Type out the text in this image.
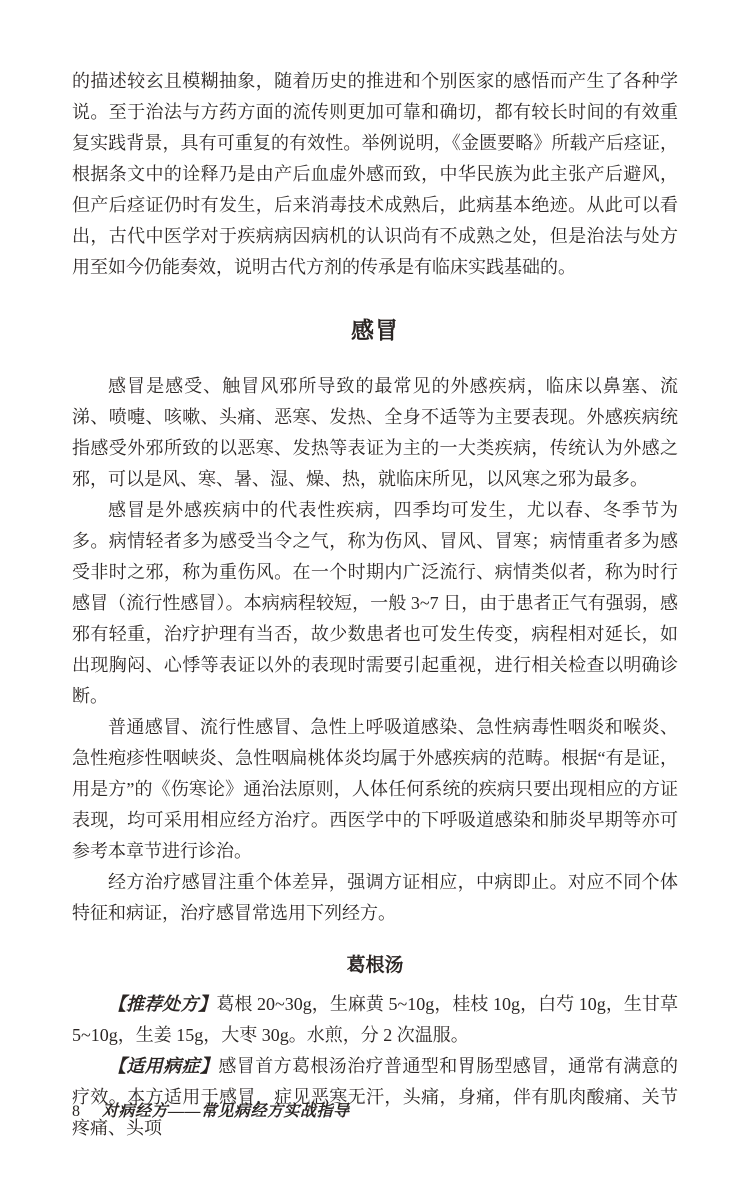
的描述较玄且模糊抽象，随着历史的推进和个别医家的感悟而产生了各种学说。至于治法与方药方面的流传则更加可靠和确切，都有较长时间的有效重复实践背景，具有可重复的有效性。举例说明，《金匮要略》所载产后痉证，根据条文中的诠释乃是由产后血虚外感而致，中华民族为此主张产后避风，但产后痉证仍时有发生，后来消毒技术成熟后，此病基本绝迹。从此可以看出，古代中医学对于疾病病因病机的认识尚有不成熟之处，但是治法与处方用至如今仍能奏效，说明古代方剂的传承是有临床实践基础的。

感冒

感冒是感受、触冒风邪所导致的最常见的外感疾病，临床以鼻塞、流涕、喷嚏、咳嗽、头痛、恶寒、发热、全身不适等为主要表现。外感疾病统指感受外邪所致的以恶寒、发热等表证为主的一大类疾病，传统认为外感之邪，可以是风、寒、暑、湿、燥、热，就临床所见，以风寒之邪为最多。

感冒是外感疾病中的代表性疾病，四季均可发生，尤以春、冬季节为多。病情轻者多为感受当令之气，称为伤风、冒风、冒寒；病情重者多为感受非时之邪，称为重伤风。在一个时期内广泛流行、病情类似者，称为时行感冒（流行性感冒）。本病病程较短，一般 3~7 日，由于患者正气有强弱，感邪有轻重，治疗护理有当否，故少数患者也可发生传变，病程相对延长，如出现胸闷、心悸等表证以外的表现时需要引起重视，进行相关检查以明确诊断。

普通感冒、流行性感冒、急性上呼吸道感染、急性病毒性咽炎和喉炎、急性疱疹性咽峡炎、急性咽扁桃体炎均属于外感疾病的范畴。根据“有是证，用是方”的《伤寒论》通治法原则，人体任何系统的疾病只要出现相应的方证表现，均可采用相应经方治疗。西医学中的下呼吸道感染和肺炎早期等亦可参考本章节进行诊治。

经方治疗感冒注重个体差异，强调方证相应，中病即止。对应不同个体特征和病证，治疗感冒常选用下列经方。

葛根汤

【推荐处方】葛根 20~30g，生麻黄 5~10g，桂枝 10g，白芍 10g，生甘草 5~10g，生姜 15g，大枣 30g。水煎，分 2 次温服。

【适用病症】感冒首方葛根汤治疗普通型和胃肠型感冒，通常有满意的疗效。本方适用于感冒，症见恶寒无汗，头痛，身痛，伴有肌肉酸痛、关节疼痛、头项

8 对病经方——常见病经方实战指导
